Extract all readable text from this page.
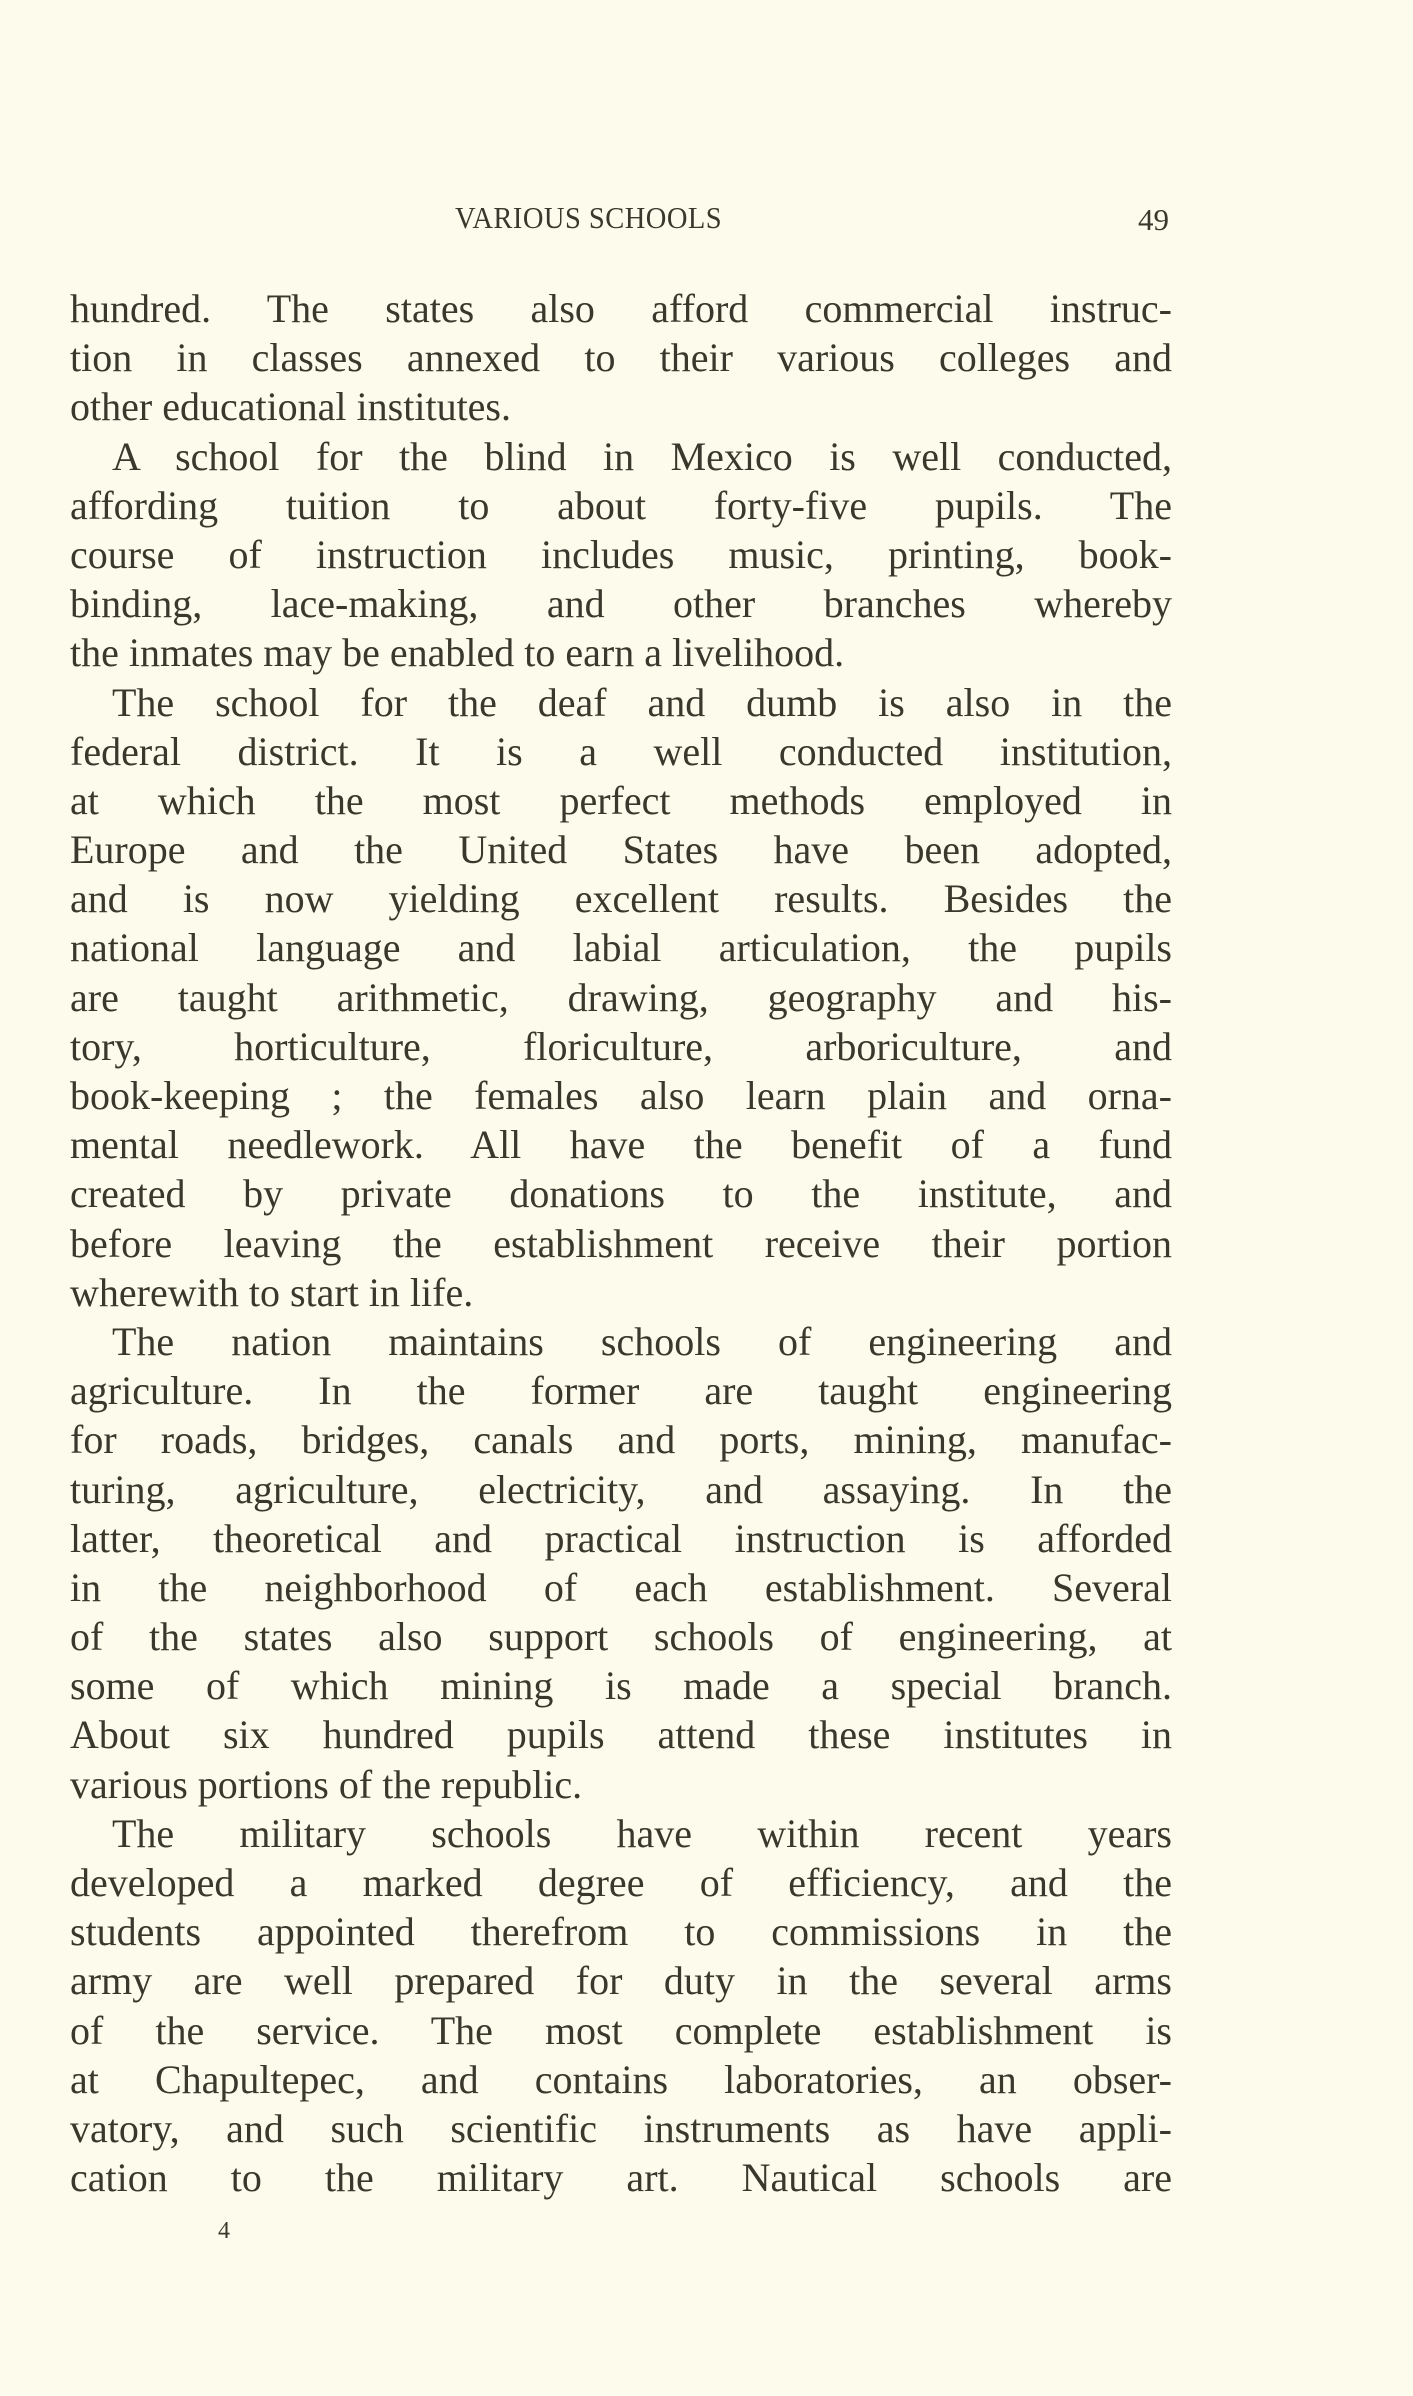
VARIOUS SCHOOLS	49
hundred. The states also afford commercial instruc-
tion in classes annexed to their various colleges and
other educational institutes.
A school for the blind in Mexico is well conducted,
affording tuition to about forty-five pupils. The
course of instruction includes music, printing, book-
binding, lace-making, and other branches whereby
the inmates may be enabled to earn a livelihood.
The school for the deaf and dumb is also in the
federal district. It is a well conducted institution,
at which the most perfect methods employed in
Europe and the United States have been adopted,
and is now yielding excellent results. Besides the
national language and labial articulation, the pupils
are taught arithmetic, drawing, geography and his-
tory, horticulture, floriculture, arboriculture, and
book-keeping ; the females also learn plain and orna-
mental needlework. All have the benefit of a fund
created by private donations to the institute, and
before leaving the establishment receive their portion
wherewith to start in life.
The nation maintains schools of engineering and
agriculture. In the former are taught engineering
for roads, bridges, canals and ports, mining, manufac-
turing, agriculture, electricity, and assaying. In the
latter, theoretical and practical instruction is afforded
in the neighborhood of each establishment. Several
of the states also support schools of engineering, at
some of which mining is made a special branch.
About six hundred pupils attend these institutes in
various portions of the republic.
The military schools have within recent years
developed a marked degree of efficiency, and the
students appointed therefrom to commissions in the
army are well prepared for duty in the several arms
of the service. The most complete establishment is
at Chapultepec, and contains laboratories, an obser-
vatory, and such scientific instruments as have appli-
cation to the military art. Nautical schools are
4
